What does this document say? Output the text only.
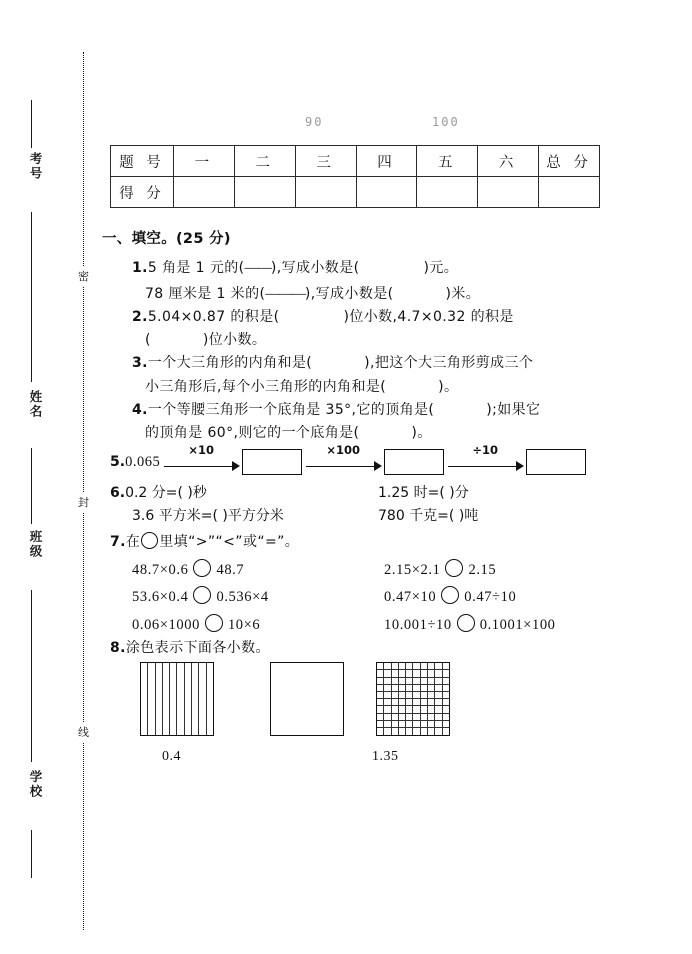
考号
姓名
班级
学校
密
封
线
90	100
题 号	一	二	三	四	五	六	总 分
得 分							
一、填空。(25 分)
1.5 角是 1 元的(——),写成小数是(	)元。
78 厘米是 1 米的(———),写成小数是(	)米。
2.5.04×0.87 的积是(	)位小数,4.7×0.32 的积是
(	)位小数。
3.一个大三角形的内角和是(	),把这个大三角形剪成三个
小三角形后,每个小三角形的内角和是(	)。
4.一个等腰三角形一个底角是 35°,它的顶角是(	);如果它
的顶角是 60°,则它的一个底角是(	)。
5. 0.065
×10	×100	÷10
6.0.2 分=( )秒	1.25 时=( )分
3.6 平方米=( )平方分米	780 千克=( )吨
7.在 里填“>”“<”或“=”。
48.7×0.6 48.7	2.15×2.1 2.15
53.6×0.4 0.536×4	0.47×10 0.47÷10
0.06×1000 10×6	10.001÷10 0.1001×100
8.涂色表示下面各小数。
0.4	1.35
